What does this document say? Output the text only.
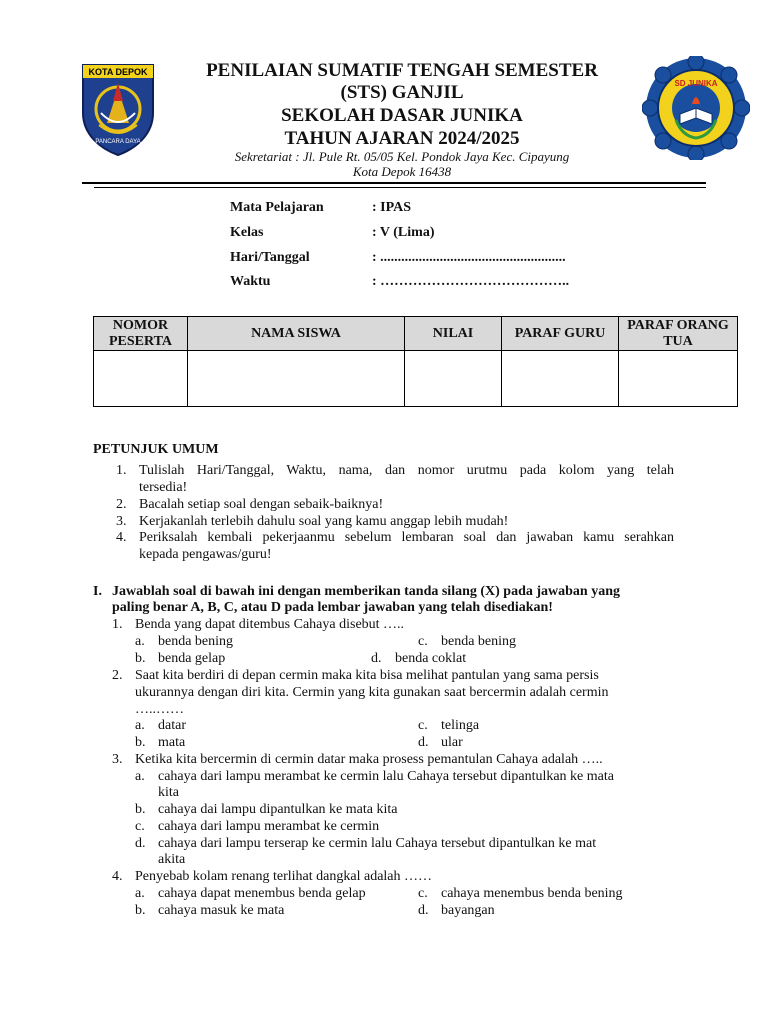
KOTA DEPOK
PANCARA DAYA
SD JUNIKA
PENILAIAN SUMATIF TENGAH SEMESTER
(STS) GANJIL
SEKOLAH DASAR JUNIKA
TAHUN AJARAN 2024/2025
Sekretariat : Jl. Pule Rt. 05/05 Kel. Pondok Jaya Kec. Cipayung
Kota Depok 16438
Mata Pelajaran	: IPAS
Kelas	: V (Lima)
Hari/Tanggal	: .....................................................
Waktu	: …………………………………..
NOMOR PESERTA	NAMA SISWA	NILAI	PARAF GURU	PARAF ORANG TUA

PETUNJUK UMUM
1. Tulislah Hari/Tanggal, Waktu, nama, dan nomor urutmu pada kolom yang telah
tersedia!
2. Bacalah setiap soal dengan sebaik-baiknya!
3. Kerjakanlah terlebih dahulu soal yang kamu anggap lebih mudah!
4. Periksalah kembali pekerjaanmu sebelum lembaran soal dan jawaban kamu serahkan
kepada pengawas/guru!
I. Jawablah soal di bawah ini dengan memberikan tanda silang (X) pada jawaban yang
paling benar A, B, C, atau D pada lembar jawaban yang telah disediakan!
1. Benda yang dapat ditembus Cahaya disebut …..
a. benda bening	c. benda bening
b. benda gelap	d. benda coklat
2. Saat kita berdiri di depan cermin maka kita bisa melihat pantulan yang sama persis
ukurannya dengan diri kita. Cermin yang kita gunakan saat bercermin adalah cermin
…..……
a. datar	c. telinga
b. mata	d. ular
3. Ketika kita bercermin di cermin datar maka prosess pemantulan Cahaya adalah …..
a. cahaya dari lampu merambat ke cermin lalu Cahaya tersebut dipantulkan ke mata
kita
b. cahaya dai lampu dipantulkan ke mata kita
c. cahaya dari lampu merambat ke cermin
d. cahaya dari lampu terserap ke cermin lalu Cahaya tersebut dipantulkan ke mat
akita
4. Penyebab kolam renang terlihat dangkal adalah ……
a. cahaya dapat menembus benda gelap	c. cahaya menembus benda bening
b. cahaya masuk ke mata	d. bayangan
